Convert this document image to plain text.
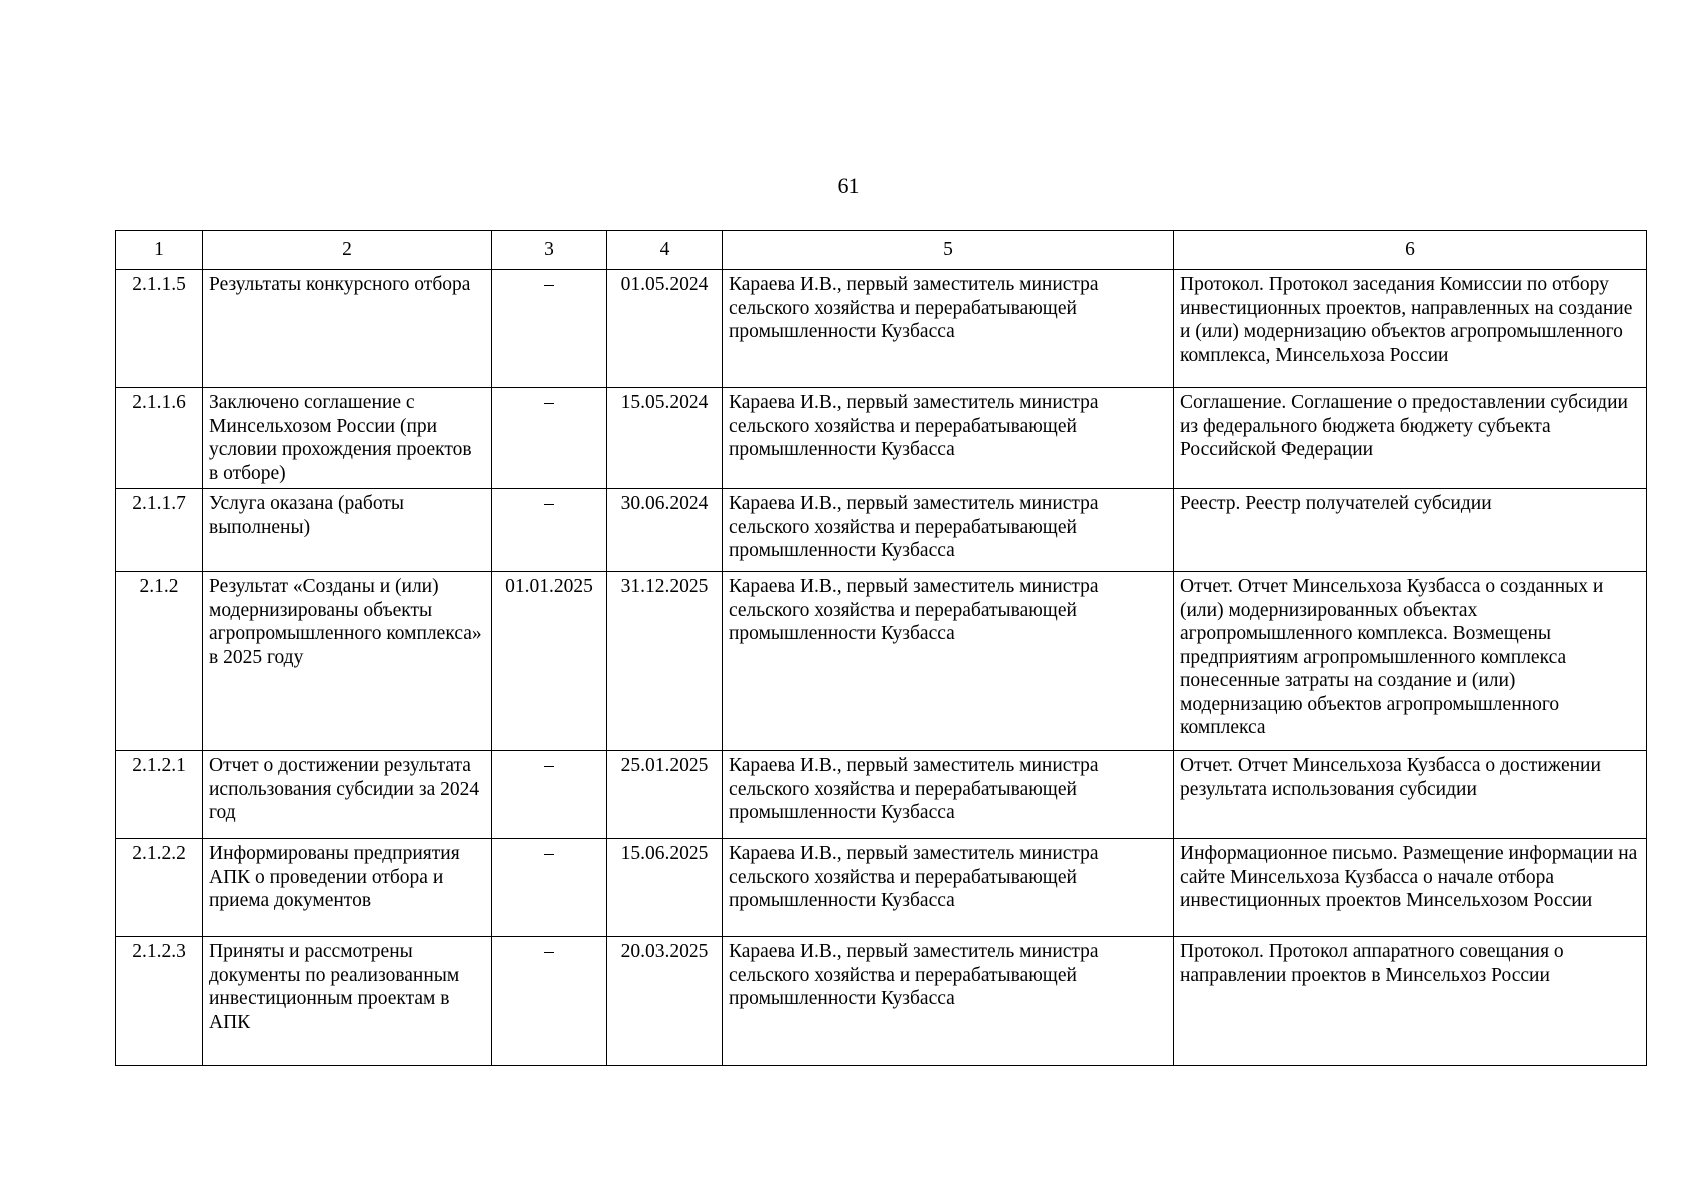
61
1	2	3	4	5	6
2.1.1.5	Результаты конкурсного отбора	–	01.05.2024	Караева И.В., первый заместитель министра сельского хозяйства и перерабатывающей промышленности Кузбасса	Протокол. Протокол заседания Комиссии по отбору инвестиционных проектов, направленных на создание и (или) модернизацию объектов агропромышленного комплекса, Минсельхоза России
2.1.1.6	Заключено соглашение с Минсельхозом России (при условии прохождения проектов в отборе)	–	15.05.2024	Караева И.В., первый заместитель министра сельского хозяйства и перерабатывающей промышленности Кузбасса	Соглашение. Соглашение о предоставлении субсидии из федерального бюджета бюджету субъекта Российской Федерации
2.1.1.7	Услуга оказана (работы выполнены)	–	30.06.2024	Караева И.В., первый заместитель министра сельского хозяйства и перерабатывающей промышленности Кузбасса	Реестр. Реестр получателей субсидии
2.1.2	Результат «Созданы и (или) модернизированы объекты агропромышленного комплекса» в 2025 году	01.01.2025	31.12.2025	Караева И.В., первый заместитель министра сельского хозяйства и перерабатывающей промышленности Кузбасса	Отчет. Отчет Минсельхоза Кузбасса о созданных и (или) модернизированных объектах агропромышленного комплекса. Возмещены предприятиям агропромышленного комплекса понесенные затраты на создание и (или) модернизацию объектов агропромышленного комплекса
2.1.2.1	Отчет о достижении результата использования субсидии за 2024 год	–	25.01.2025	Караева И.В., первый заместитель министра сельского хозяйства и перерабатывающей промышленности Кузбасса	Отчет. Отчет Минсельхоза Кузбасса о достижении результата использования субсидии
2.1.2.2	Информированы предприятия АПК о проведении отбора и приема документов	–	15.06.2025	Караева И.В., первый заместитель министра сельского хозяйства и перерабатывающей промышленности Кузбасса	Информационное письмо. Размещение информации на сайте Минсельхоза Кузбасса о начале отбора инвестиционных проектов Минсельхозом России
2.1.2.3	Приняты и рассмотрены документы по реализованным инвестиционным проектам в АПК	–	20.03.2025	Караева И.В., первый заместитель министра сельского хозяйства и перерабатывающей промышленности Кузбасса	Протокол. Протокол аппаратного совещания о направлении проектов в Минсельхоз России
